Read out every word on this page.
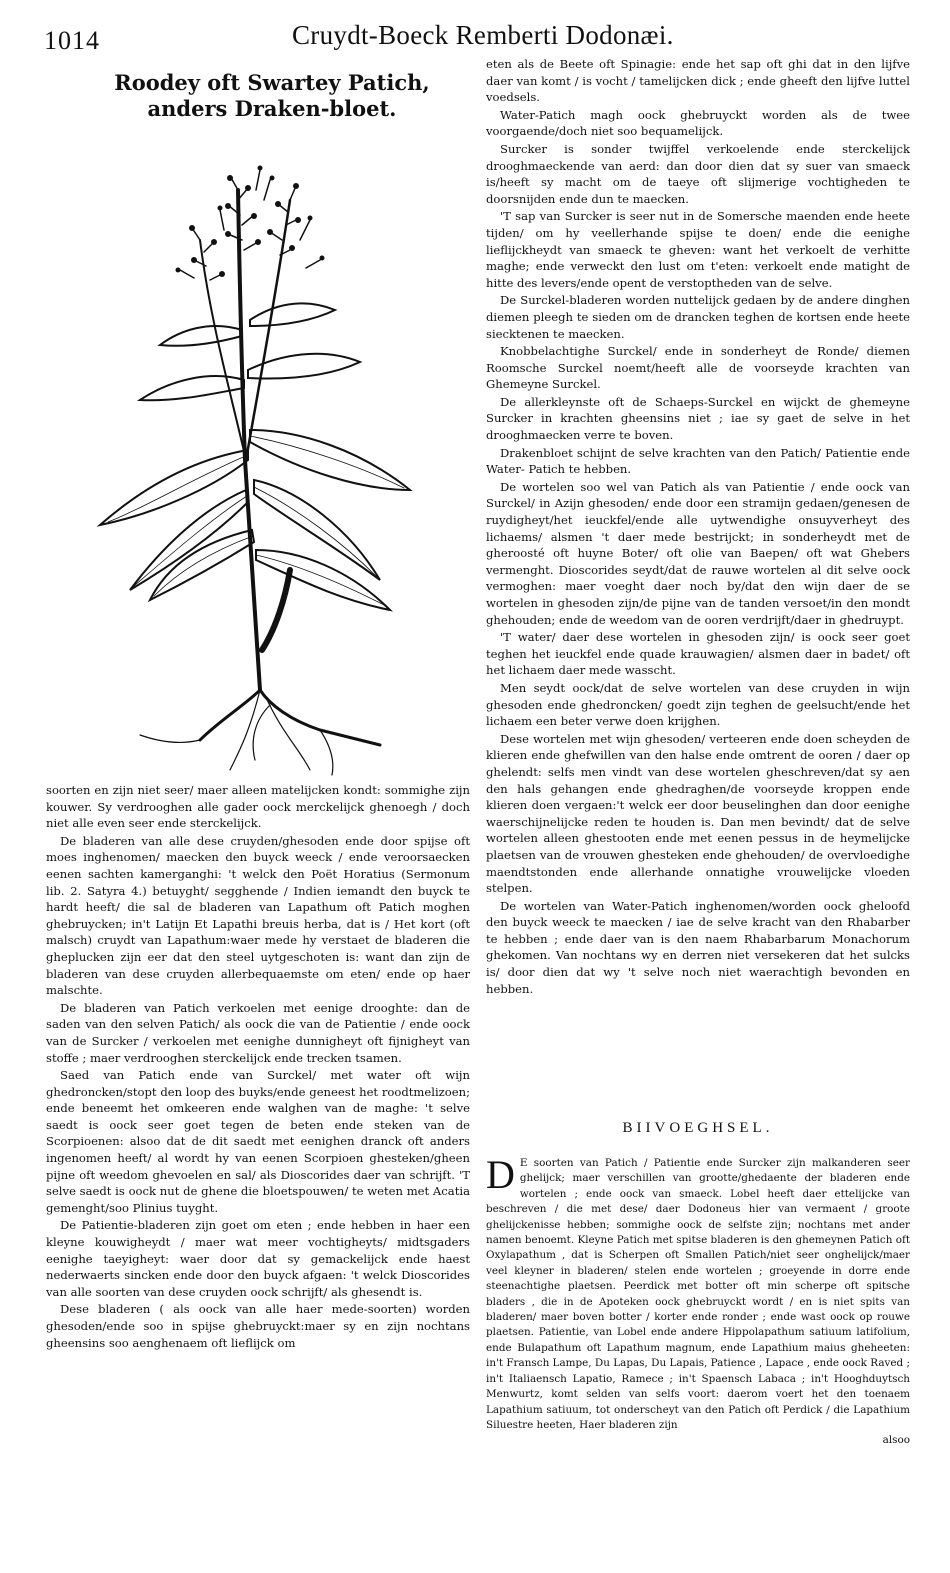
1014	Cruydt-Boeck Remberti Dodonæi.
Roodey oft Swartey Patich, anders Draken-bloet.

eten als de Beete oft Spinagie: ende het sap oft ghi dat in den lijfve daer van komt / is vocht / tamelijcken dick ; ende gheeft den lijfve luttel voedsels.

Water-Patich magh oock ghebruyckt worden als de twee voorgaende/doch niet soo bequamelijck.

Surcker is sonder twijffel verkoelende ende sterckelijck drooghmaeckende van aerd: dan door dien dat sy suer van smaeck is/heeft sy macht om de taeye oft slijmerige vochtigheden te doorsnijden ende dun te maecken.

'T sap van Surcker is seer nut in de Somersche maenden ende heete tijden/ om hy veellerhande spijse te doen/ ende die eenighe lieflijckheydt van smaeck te gheven: want het verkoelt de verhitte maghe; ende verweckt den lust om t'eten: verkoelt ende matight de hitte des levers/ende opent de verstoptheden van de selve.

De Surckel-bladeren worden nuttelijck gedaen by de andere dinghen diemen pleegh te sieden om de drancken teghen de kortsen ende heete siecktenen te maecken.

Knobbelachtighe Surckel/ ende in sonderheyt de Ronde/ diemen Roomsche Surckel noemt/heeft alle de voorseyde krachten van Ghemeyne Surckel.

De allerkleynste oft de Schaeps-Surckel en wijckt de ghemeyne Surcker in krachten gheensins niet ; iae sy gaet de selve in het drooghmaecken verre te boven.

Drakenbloet schijnt de selve krachten van den Patich/ Patientie ende Water- Patich te hebben.

De wortelen soo wel van Patich als van Patientie / ende oock van Surckel/ in Azijn ghesoden/ ende door een stramijn gedaen/genesen de ruydigheyt/het ieuckfel/ende alle uytwendighe onsuyverheyt des lichaems/ alsmen 't daer mede bestrijckt; in sonderheydt met de gheroosté oft huyne Boter/ oft olie van Baepen/ oft wat Ghebers vermenght. Dioscorides seydt/dat de rauwe wortelen al dit selve oock vermoghen: maer voeght daer noch by/dat den wijn daer de se wortelen in ghesoden zijn/de pijne van de tanden versoet/in den mondt ghehouden; ende de weedom van de ooren verdrijft/daer in ghedruypt.

'T water/ daer dese wortelen in ghesoden zijn/ is oock seer goet teghen het ieuckfel ende quade krauwagien/ alsmen daer in badet/ oft het lichaem daer mede wasscht.

Men seydt oock/dat de selve wortelen van dese cruyden in wijn ghesoden ende ghedroncken/ goedt zijn teghen de geelsucht/ende het lichaem een beter verwe doen krijghen.

Dese wortelen met wijn ghesoden/ verteeren ende doen scheyden de klieren ende ghefwillen van den halse ende omtrent de ooren / daer op ghelendt: selfs men vindt van dese wortelen gheschreven/dat sy aen den hals gehangen ende ghedraghen/de voorseyde kroppen ende klieren doen vergaen:'t welck eer door beuselinghen dan door eenighe waerschijnelijcke reden te houden is. Dan men bevindt/ dat de selve wortelen alleen ghestooten ende met eenen pessus in de heymelijcke plaetsen van de vrouwen ghesteken ende ghehouden/ de overvloedighe maendtstonden ende allerhande onnatighe vrouwelijcke vloeden stelpen.

De wortelen van Water-Patich inghenomen/worden oock gheloofd den buyck weeck te maecken / iae de selve kracht van den Rhabarber te hebben ; ende daer van is den naem Rhabarbarum Monachorum ghekomen. Van nochtans wy en derren niet versekeren dat het sulcks is/ door dien dat wy 't selve noch niet waerachtigh bevonden en hebben.

soorten en zijn niet seer/ maer alleen matelijcken kondt: sommighe zijn kouwer. Sy verdrooghen alle gader oock merckelijck ghenoegh / doch niet alle even seer ende sterckelijck.

De bladeren van alle dese cruyden/ghesoden ende door spijse oft moes inghenomen/ maecken den buyck weeck / ende veroorsaecken eenen sachten kamerganghi: 't welck den Poët Horatius (Sermonum lib. 2. Satyra 4.) betuyght/ segghende / Indien iemandt den buyck te hardt heeft/ die sal de bladeren van Lapathum oft Patich moghen ghebruycken; in't Latijn Et Lapathi breuis herba, dat is / Het kort (oft malsch) cruydt van Lapathum:waer mede hy verstaet de bladeren die gheplucken zijn eer dat den steel uytgeschoten is: want dan zijn de bladeren van dese cruyden allerbequaemste om eten/ ende op haer malschte.

De bladeren van Patich verkoelen met eenige drooghte: dan de saden van den selven Patich/ als oock die van de Patientie / ende oock van de Surcker / verkoelen met eenighe dunnigheyt oft fijnigheyt van stoffe ; maer verdrooghen sterckelijck ende trecken tsamen.

Saed van Patich ende van Surckel/ met water oft wijn ghedroncken/stopt den loop des buyks/ende geneest het roodtmelizoen; ende beneemt het omkeeren ende walghen van de maghe: 't selve saedt is oock seer goet tegen de beten ende steken van de Scorpioenen: alsoo dat de dit saedt met eenighen dranck oft anders ingenomen heeft/ al wordt hy van eenen Scorpioen ghesteken/gheen pijne oft weedom ghevoelen en sal/ als Dioscorides daer van schrijft. 'T selve saedt is oock nut de ghene die bloetspouwen/ te weten met Acatia gemenght/soo Plinius tuyght.

De Patientie-bladeren zijn goet om eten ; ende hebben in haer een kleyne kouwigheydt / maer wat meer vochtigheyts/ midtsgaders eenighe taeyighеyt: waer door dat sy gemackelijck ende haest nederwaerts sincken ende door den buyck afgaen: 't welck Dioscorides van alle soorten van dese cruyden oock schrijft/ als ghesendt is.

Dese bladeren ( als oock van alle haer mede-soorten) worden ghesoden/ende soo in spijse ghebruyckt:maer sy en zijn nochtans gheensins soo aenghenaem oft lieflijck om

BIIVOEGHSEL.
D E soorten van Patich / Patientie ende Surcker zijn malkanderen seer ghelijck; maer verschillen van grootte/ghedaente der bladeren ende wortelen ; ende oock van smaeck. Lobel heeft daer ettelijcke van beschreven / die met dese/ daer Dodoneus hier van vermaent / groote ghelijckenisse hebben; sommighe oock de selfste zijn; nochtans met ander namen benoemt. Kleyne Patich met spitse bladeren is den ghemeynen Patich oft Oxylapathum , dat is Scherpen oft Smallen Patich/niet seer onghelijck/maer veel kleyner in bladeren/ stelen ende wortelen ; groeyende in dorre ende steenachtighe plaetsen. Peerdick met botter oft min scherpe oft spitsche bladers , die in de Apoteken oock ghebruyckt wordt / en is niet spits van bladeren/ maer boven botter / korter ende ronder ; ende wast oock op rouwe plaetsen. Patientie, van Lobel ende andere Hippolapathum satiuum latifolium, ende Bulapathum oft Lapathum magnum, ende Lapathium maius gheheeten: in't Fransch Lampe, Du Lapas, Du Lapais, Patience , Lapace , ende oock Raved ; in't Italiaensch Lapatio, Ramece ; in't Spaensch Labaca ; in't Hooghduytsch Menwurtz, komt selden van selfs voort: daerom voert het den toenaem Lapathium satiuum, tot onderscheyt van den Patich oft Perdick / die Lapathium Siluestre heeten, Haer bladeren zijn
alsoo
